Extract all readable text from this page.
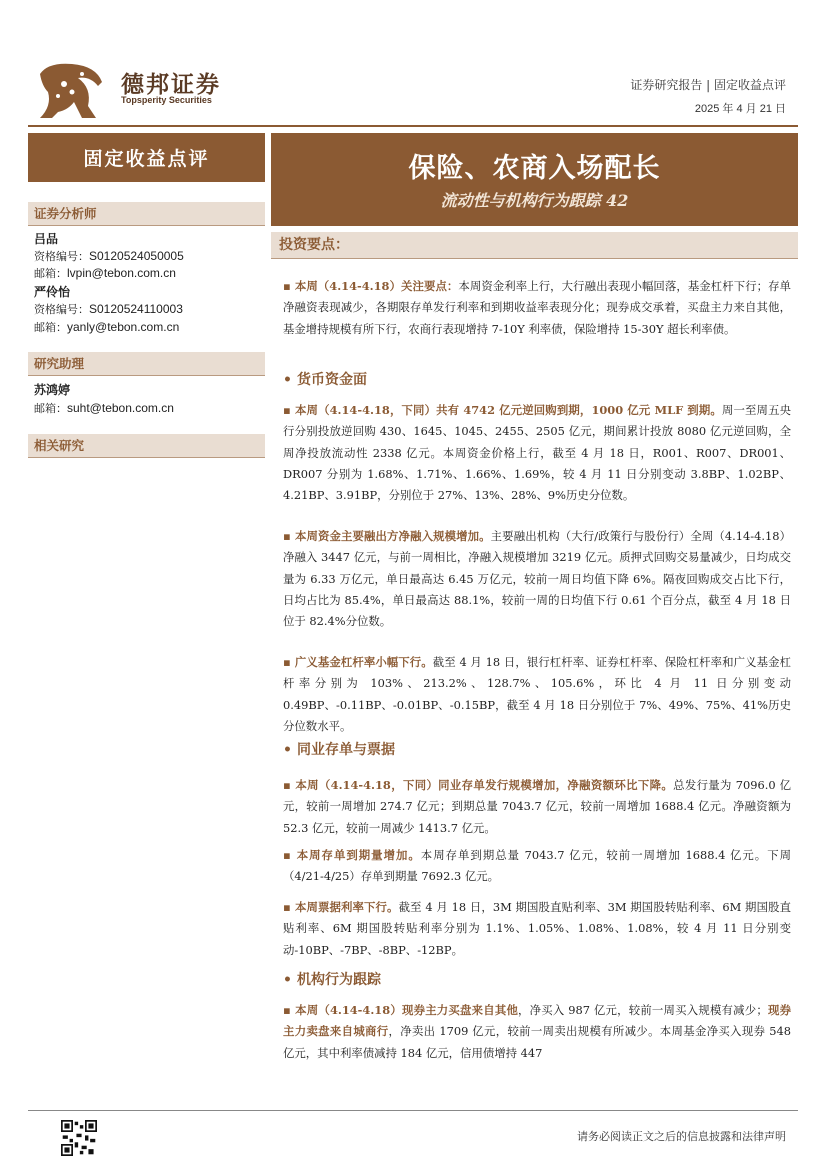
德邦证券
Topsperity Securities
证券研究报告 | 固定收益点评
2025 年 4 月 21 日
固定收益点评	保险、农商入场配长
流动性与机构行为跟踪 42
证券分析师
吕品
资格编号：S0120524050005
邮箱：lvpin@tebon.com.cn
严伶怡
资格编号：S0120524110003
邮箱：yanly@tebon.com.cn
研究助理
苏鸿婷
邮箱：suht@tebon.com.cn
相关研究
投资要点：
▪ 本周（4.14-4.18）关注要点：本周资金利率上行，大行融出表现小幅回落，基金杠杆下行；存单净融资表现减少，各期限存单发行利率和到期收益率表现分化；现券成交承着，买盘主力来自其他，基金增持规模有所下行，农商行表现增持 7-10Y 利率债，保险增持 15-30Y 超长利率债。
• 货币资金面
▪ 本周（4.14-4.18，下同）共有 4742 亿元逆回购到期，1000 亿元 MLF 到期。周一至周五央行分别投放逆回购 430、1645、1045、2455、2505 亿元，期间累计投放 8080 亿元逆回购，全周净投放流动性 2338 亿元。本周资金价格上行，截至 4 月 18 日，R001、R007、DR001、DR007 分别为 1.68%、1.71%、1.66%、1.69%，较 4 月 11 日分别变动 3.8BP、1.02BP、4.21BP、3.91BP，分别位于 27%、13%、28%、9%历史分位数。
▪ 本周资金主要融出方净融入规模增加。主要融出机构（大行/政策行与股份行）全周（4.14-4.18）净融入 3447 亿元，与前一周相比，净融入规模增加 3219 亿元。质押式回购交易量减少，日均成交量为 6.33 万亿元，单日最高达 6.45 万亿元，较前一周日均值下降 6%。隔夜回购成交占比下行，日均占比为 85.4%，单日最高达 88.1%，较前一周的日均值下行 0.61 个百分点，截至 4 月 18 日位于 82.4%分位数。
▪ 广义基金杠杆率小幅下行。截至 4 月 18 日，银行杠杆率、证券杠杆率、保险杠杆率和广义基金杠杆率分别为 103%、213.2%、128.7%、105.6%，环比 4 月 11 日分别变动 0.49BP、-0.11BP、-0.01BP、-0.15BP，截至 4 月 18 日分别位于 7%、49%、75%、41%历史分位数水平。
• 同业存单与票据
▪ 本周（4.14-4.18，下同）同业存单发行规模增加，净融资额环比下降。总发行量为 7096.0 亿元，较前一周增加 274.7 亿元；到期总量 7043.7 亿元，较前一周增加 1688.4 亿元。净融资额为 52.3 亿元，较前一周减少 1413.7 亿元。
▪ 本周存单到期量增加。本周存单到期总量 7043.7 亿元，较前一周增加 1688.4 亿元。下周（4/21-4/25）存单到期量 7692.3 亿元。
▪ 本周票据利率下行。截至 4 月 18 日，3M 期国股直贴利率、3M 期国股转贴利率、6M 期国股直贴利率、6M 期国股转贴利率分别为 1.1%、1.05%、1.08%、1.08%，较 4 月 11 日分别变动-10BP、-7BP、-8BP、-12BP。
• 机构行为跟踪
▪ 本周（4.14-4.18）现券主力买盘来自其他，净买入 987 亿元，较前一周买入规模有减少；现券主力卖盘来自城商行，净卖出 1709 亿元，较前一周卖出规模有所减少。本周基金净买入现券 548 亿元，其中利率债减持 184 亿元，信用债增持 447
请务必阅读正文之后的信息披露和法律声明
